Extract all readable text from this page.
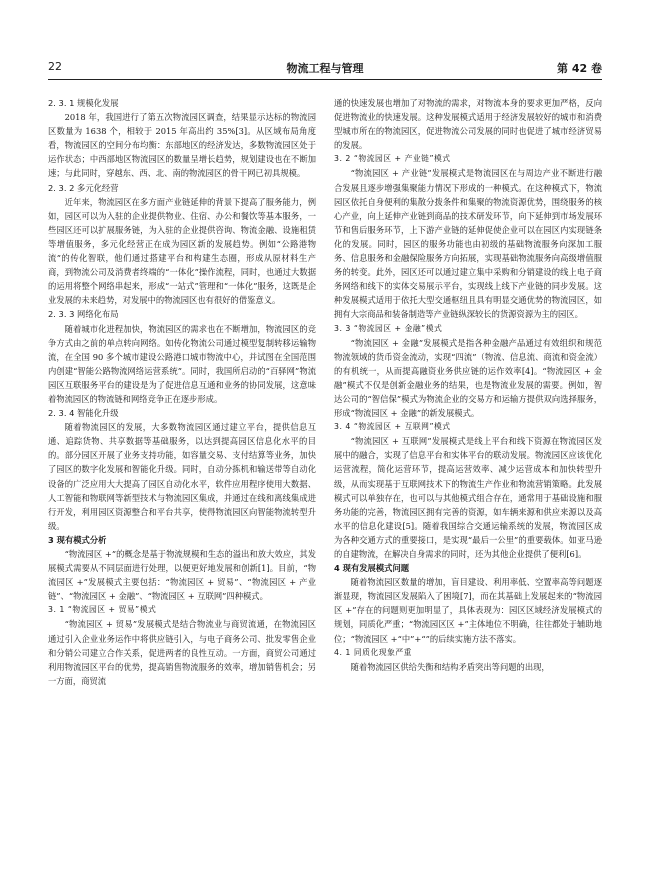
22	物流工程与管理	第 42 卷
2. 3. 1 规模化发展

2018 年，我国进行了第五次物流园区调查，结果显示达标的物流园区数量为 1638 个，相较于 2015 年高出约 35%[3]。从区域布局角度看，物流园区的空间分布均衡：东部地区的经济发达，多数物流园区处于运作状态；中西部地区物流园区的数量呈增长趋势，规划建设也在不断加速；与此同时，穿越东、西、北、南的物流园区的骨干网已初具规模。

2. 3. 2 多元化经营

近年来，物流园区在多方面产业链延伸的背景下提高了服务能力，例如，园区可以为入驻的企业提供物业、住宿、办公和餐饮等基本服务，一些园区还可以扩展服务链，为入驻的企业提供咨询、物流金融、设施租赁等增值服务，多元化经营正在成为园区新的发展趋势。例如“公路港物流”的传化智联，他们通过搭建平台和构建生态圈，形成从原材料生产商，到物流公司及消费者终端的“一体化”操作流程，同时，也通过大数据的运用将整个网络串起来，形成“一站式”管理和“一体化”服务，这既是企业发展的未来趋势，对发展中的物流园区也有很好的借鉴意义。

2. 3. 3 网络化布局

随着城市化进程加快，物流园区的需求也在不断增加，物流园区的竞争方式由之前的单点转向网络。如传化物流公司通过模型复制转移运输物流，在全国 90 多个城市建设公路港口城市物流中心，并试图在全国范围内创建“智能公路物流网络运营系统”。同时，我国所启动的“百驿网”物流园区互联服务平台的建设是为了促进信息互通和业务的协同发展，这意味着物流园区的物流链和网络竞争正在逐步形成。

2. 3. 4 智能化升级

随着物流园区的发展，大多数物流园区通过建立平台，提供信息互通、追踪货物、共享数据等基础服务，以达到提高园区信息化水平的目的。部分园区开展了业务支持功能，如容量交易、支付结算等业务，加快了园区的数字化发展和智能化升级。同时，自动分拣机和输送带等自动化设备的广泛应用大大提高了园区自动化水平，软件应用程序使用大数据、人工智能和物联网等新型技术与物流园区集成，并通过在线和离线集成进行开发，利用园区资源整合和平台共享，使得物流园区向智能物流转型升级。

3 现有模式分析

“物流园区 +”的概念是基于物流规模和生态的溢出和放大效应，其发展模式需要从不同层面进行处理，以便更好地发展和创新[1]。目前，“物流园区 +”发展模式主要包括：“物流园区 + 贸易”、“物流园区 + 产业链”、“物流园区 + 金融”、“物流园区 + 互联网”四种模式。

3. 1 “物流园区 + 贸易”模式

“物流园区 + 贸易”发展模式是结合物流业与商贸流通，在物流园区通过引入企业业务运作中将供应链引入，与电子商务公司、批发零售企业和分销公司建立合作关系，促进两者的良性互动。一方面，商贸公司通过利用物流园区平台的优势，提高销售物流服务的效率，增加销售机会；另一方面，商贸流

通的快速发展也增加了对物流的需求，对物流本身的要求更加严格，反向促进物流业的快速发展。这种发展模式适用于经济发展较好的城市和消费型城市所在的物流园区，促进物流公司发展的同时也促进了城市经济贸易的发展。

3. 2 “物流园区 + 产业链”模式

“物流园区 + 产业链”发展模式是物流园区在与周边产业不断进行融合发展且逐步增强集聚能力情况下形成的一种模式。在这种模式下，物流园区依托自身便利的集散分拨条件和集聚的物流资源优势，围绕服务的核心产业，向上延伸产业链到商品的技术研发环节，向下延伸到市场发展环节和售后服务环节，上下游产业链的延伸促使企业可以在园区内实现链条化的发展。同时，园区的服务功能也由初级的基础物流服务向深加工服务、信息服务和金融保险服务方向拓展，实现基础物流服务向高级增值服务的转变。此外，园区还可以通过建立集中采购和分销建设的线上电子商务网络和线下的实体交易展示平台，实现线上线下产业链的同步发展。这种发展模式适用于依托大型交通枢纽且具有明显交通优势的物流园区，如拥有大宗商品和装备制造等产业链纵深较长的货源资源为主的园区。

3. 3 “物流园区 + 金融”模式

“物流园区 + 金融”发展模式是指各种金融产品通过有效组织和规范物流领域的货币资金流动，实现“四流”（物流、信息流、商流和资金流）的有机统一，从而提高融资业务供应链的运作效率[4]。“物流园区 + 金融”模式不仅是创新金融业务的结果，也是物流业发展的需要。例如，智达公司的“智信保”模式为物流企业的交易方和运输方提供双向选择服务，形成“物流园区 + 金融”的新发展模式。

3. 4 “物流园区 + 互联网”模式

“物流园区 + 互联网”发展模式是线上平台和线下资源在物流园区发展中的融合，实现了信息平台和实体平台的联动发展。物流园区应该优化运营流程，简化运营环节，提高运营效率、减少运营成本和加快转型升级，从而实现基于互联网技术下的物流生产作业和物流营销策略。此发展模式可以单独存在，也可以与其他模式组合存在，通常用于基础设施和服务功能的完善，物流园区拥有完善的资源，如车辆来源和供应来源以及高水平的信息化建设[5]。随着我国综合交通运输系统的发展，物流园区成为各种交通方式的重要接口，是实现“最后一公里”的重要载体。如亚马逊的自建物流，在解决自身需求的同时，还为其他企业提供了便利[6]。

4 现有发展模式问题

随着物流园区数量的增加，盲目建设、利用率低、空置率高等问题逐渐显现，物流园区发展陷入了困境[7]，而在其基础上发展起来的“物流园区 +”存在的问题则更加明显了，具体表现为：园区区域经济发展模式的规划，同质化严重；“物流园区区 +”主体地位不明确，往往都处于辅助地位；“物流园区 +“中”+“”的后续实施方法不落实。

4. 1 同质化现象严重

随着物流园区供给失衡和结构矛盾突出等问题的出现，
